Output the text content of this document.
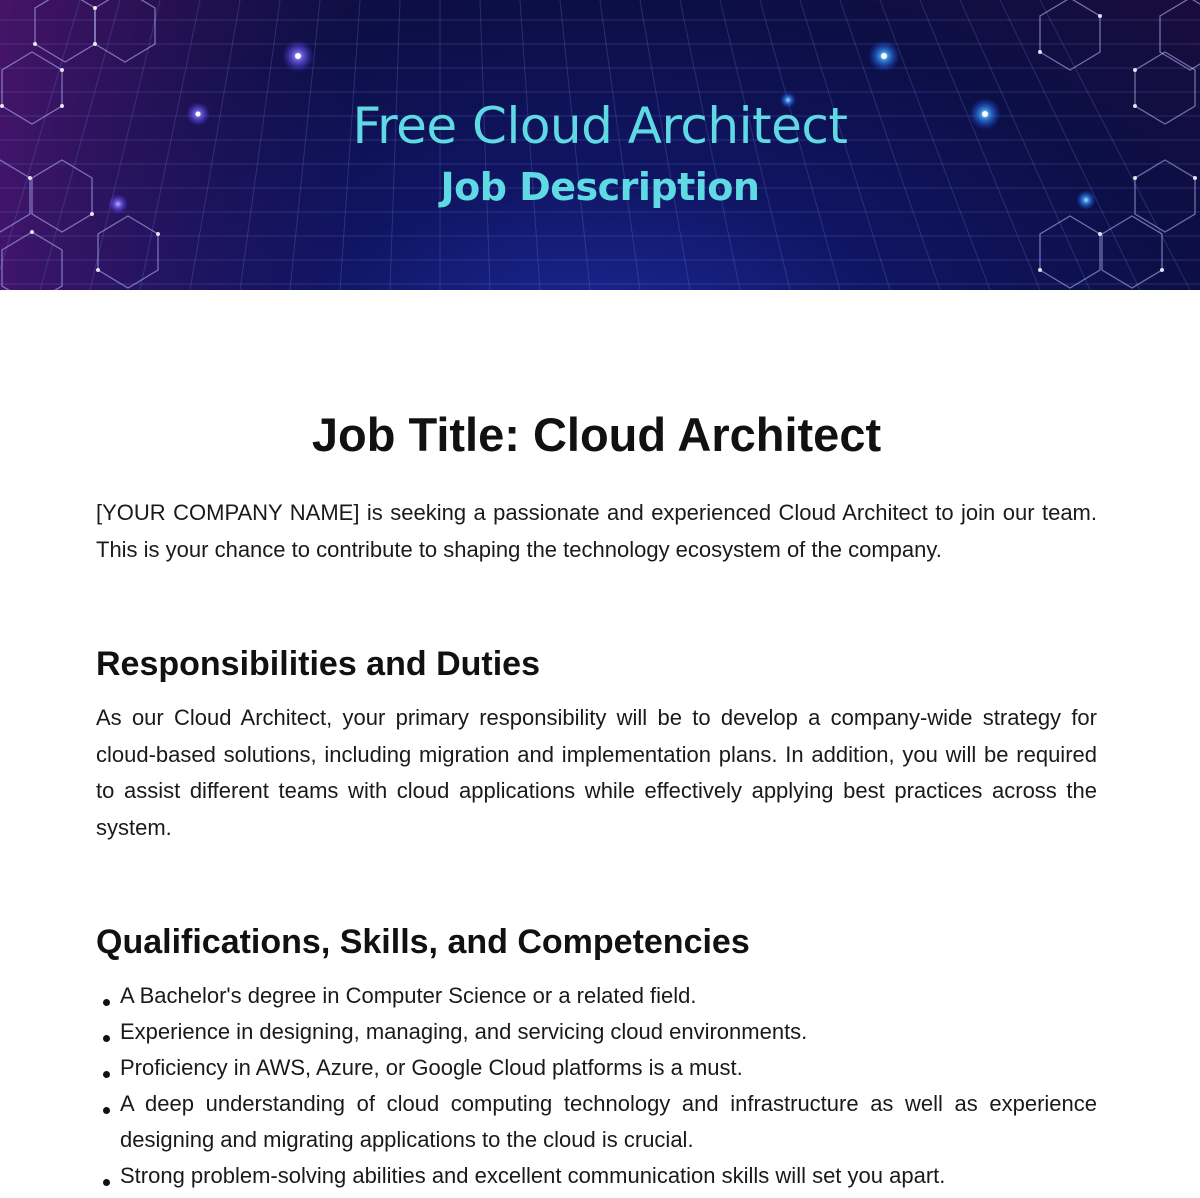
Free Cloud Architect
Job Description
Job Title: Cloud Architect

[YOUR COMPANY NAME] is seeking a passionate and experienced Cloud Architect to join our team. This is your chance to contribute to shaping the technology ecosystem of the company.

Responsibilities and Duties

As our Cloud Architect, your primary responsibility will be to develop a company-wide strategy for cloud-based solutions, including migration and implementation plans. In addition, you will be required to assist different teams with cloud applications while effectively applying best practices across the system.

Qualifications, Skills, and Competencies
A Bachelor's degree in Computer Science or a related field.
Experience in designing, managing, and servicing cloud environments.
Proficiency in AWS, Azure, or Google Cloud platforms is a must.
A deep understanding of cloud computing technology and infrastructure as well as experience designing and migrating applications to the cloud is crucial.
Strong problem-solving abilities and excellent communication skills will set you apart.
